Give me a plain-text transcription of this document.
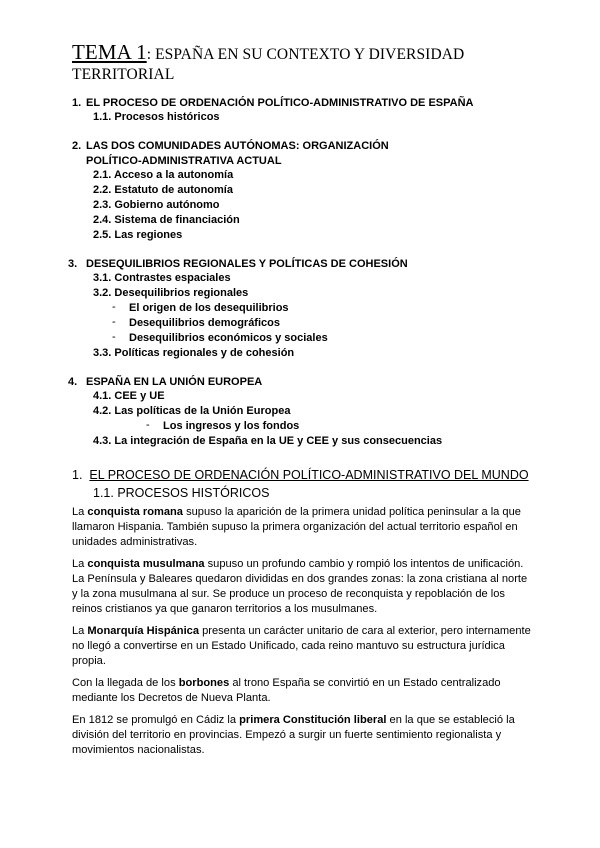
TEMA 1: ESPAÑA EN SU CONTEXTO Y DIVERSIDAD TERRITORIAL
1. EL PROCESO DE ORDENACIÓN POLÍTICO-ADMINISTRATIVO DE ESPAÑA
1.1. Procesos históricos
2. LAS DOS COMUNIDADES AUTÓNOMAS: ORGANIZACIÓN
POLÍTICO-ADMINISTRATIVA ACTUAL
2.1. Acceso a la autonomía
2.2. Estatuto de autonomía
2.3. Gobierno autónomo
2.4. Sistema de financiación
2.5. Las regiones
3. DESEQUILIBRIOS REGIONALES Y POLÍTICAS DE COHESIÓN
3.1. Contrastes espaciales
3.2. Desequilibrios regionales
- El origen de los desequilibrios
- Desequilibrios demográficos
- Desequilibrios económicos y sociales
3.3. Políticas regionales y de cohesión
4. ESPAÑA EN LA UNIÓN EUROPEA
4.1. CEE y UE
4.2. Las políticas de la Unión Europea
- Los ingresos y los fondos
4.3. La integración de España en la UE y CEE y sus consecuencias
1. EL PROCESO DE ORDENACIÓN POLÍTICO-ADMINISTRATIVO DEL MUNDO
1.1. PROCESOS HISTÓRICOS

La conquista romana supuso la aparición de la primera unidad política peninsular a la que llamaron Hispania. También supuso la primera organización del actual territorio español en unidades administrativas.

La conquista musulmana supuso un profundo cambio y rompió los intentos de unificación. La Península y Baleares quedaron divididas en dos grandes zonas: la zona cristiana al norte y la zona musulmana al sur. Se produce un proceso de reconquista y repoblación de los reinos cristianos ya que ganaron territorios a los musulmanes.

La Monarquía Hispánica presenta un carácter unitario de cara al exterior, pero internamente no llegó a convertirse en un Estado Unificado, cada reino mantuvo su estructura jurídica propia.

Con la llegada de los borbones al trono España se convirtió en un Estado centralizado mediante los Decretos de Nueva Planta.

En 1812 se promulgó en Cádiz la primera Constitución liberal en la que se estableció la división del territorio en provincias. Empezó a surgir un fuerte sentimiento regionalista y movimientos nacionalistas.
